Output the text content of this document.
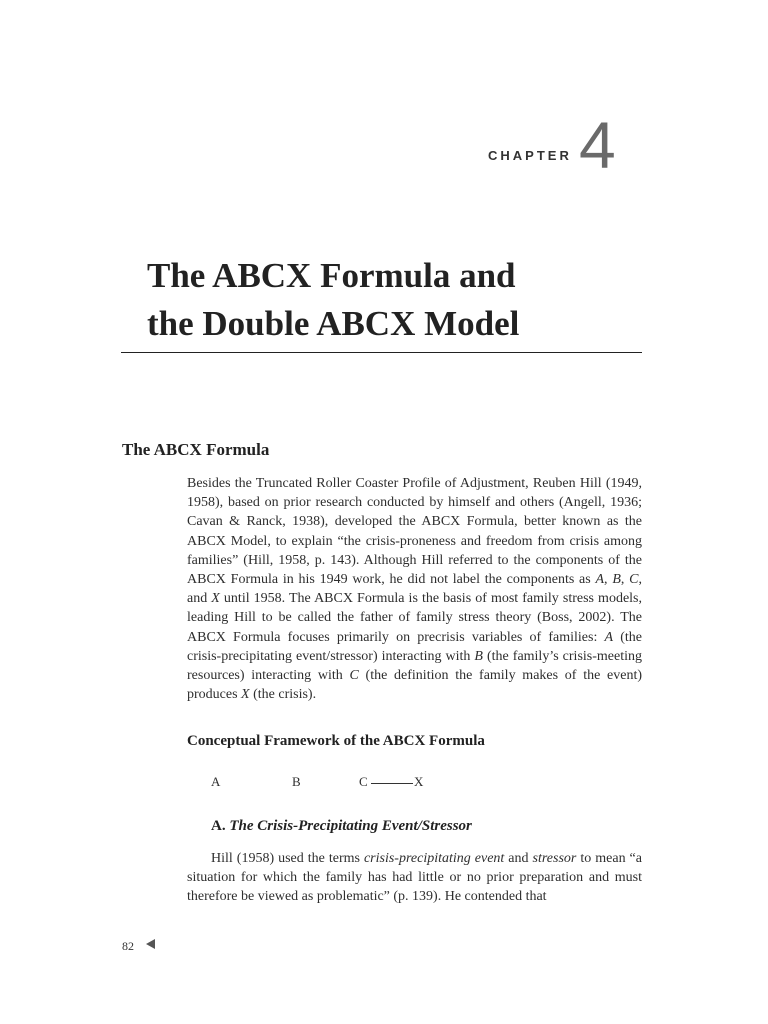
CHAPTER 4
The ABCX Formula and
the Double ABCX Model
The ABCX Formula

Besides the Truncated Roller Coaster Profile of Adjustment, Reuben Hill (1949, 1958), based on prior research conducted by himself and others (Angell, 1936; Cavan & Ranck, 1938), developed the ABCX Formula, better known as the ABCX Model, to explain “the crisis-proneness and freedom from crisis among families” (Hill, 1958, p. 143). Although Hill referred to the components of the ABCX Formula in his 1949 work, he did not label the components as A, B, C, and X until 1958. The ABCX Formula is the basis of most family stress models, leading Hill to be called the father of family stress theory (Boss, 2002). The ABCX Formula focuses primarily on precrisis variables of families: A (the crisis-precipitating event/stressor) interacting with B (the family’s crisis-meeting resources) interacting with C (the definition the family makes of the event) produces X (the crisis).

Conceptual Framework of the ABCX Formula
A	B	C	X
A. The Crisis-Precipitating Event/Stressor

Hill (1958) used the terms crisis-precipitating event and stressor to mean “a situation for which the family has had little or no prior preparation and must therefore be viewed as problematic” (p. 139). He contended that

82
